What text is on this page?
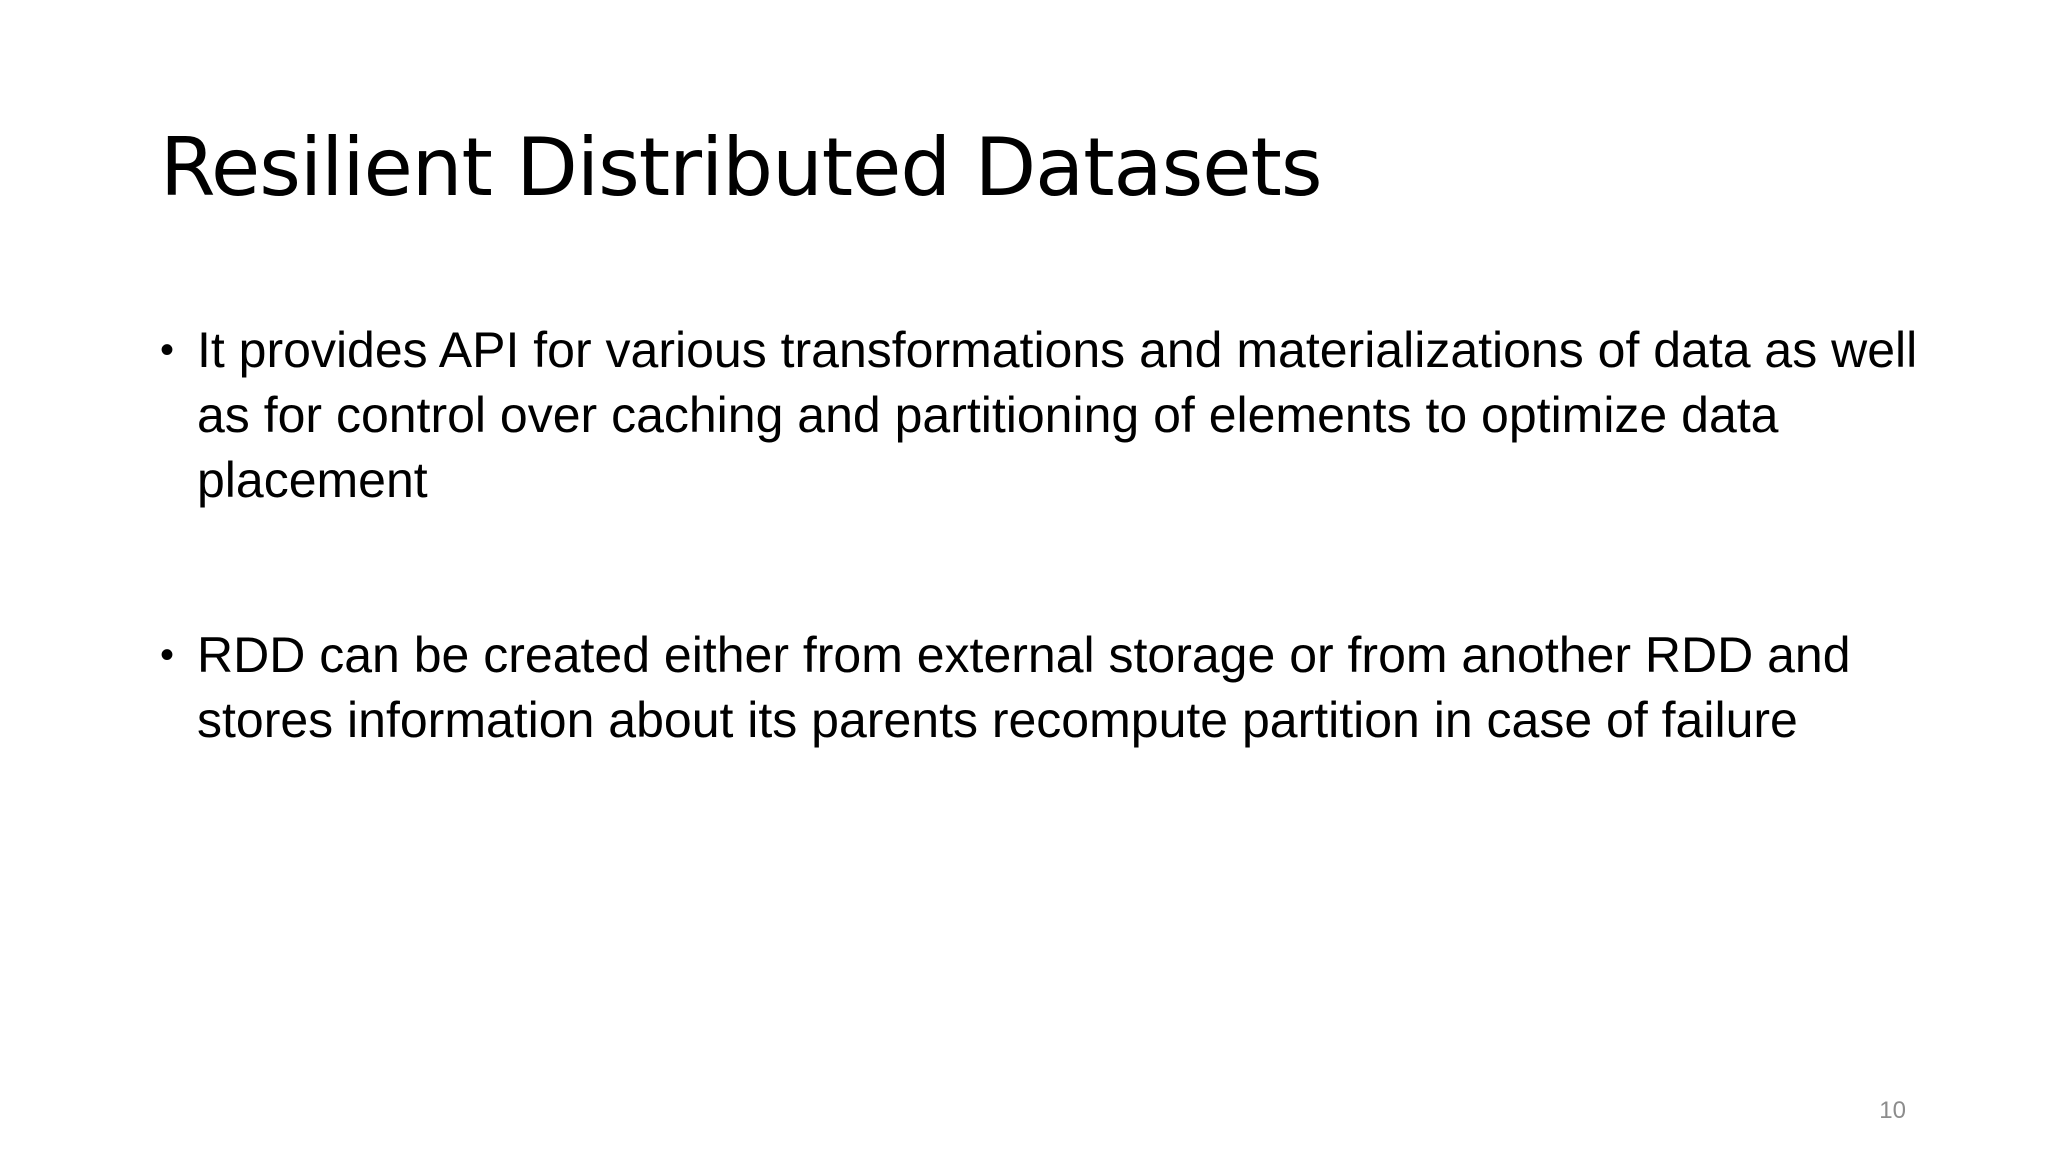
Resilient Distributed Datasets
• It provides API for various transformations and materializations of data as well as for control over caching and partitioning of elements to optimize data placement
• RDD can be created either from external storage or from another RDD and stores information about its parents recompute partition in case of failure
10
